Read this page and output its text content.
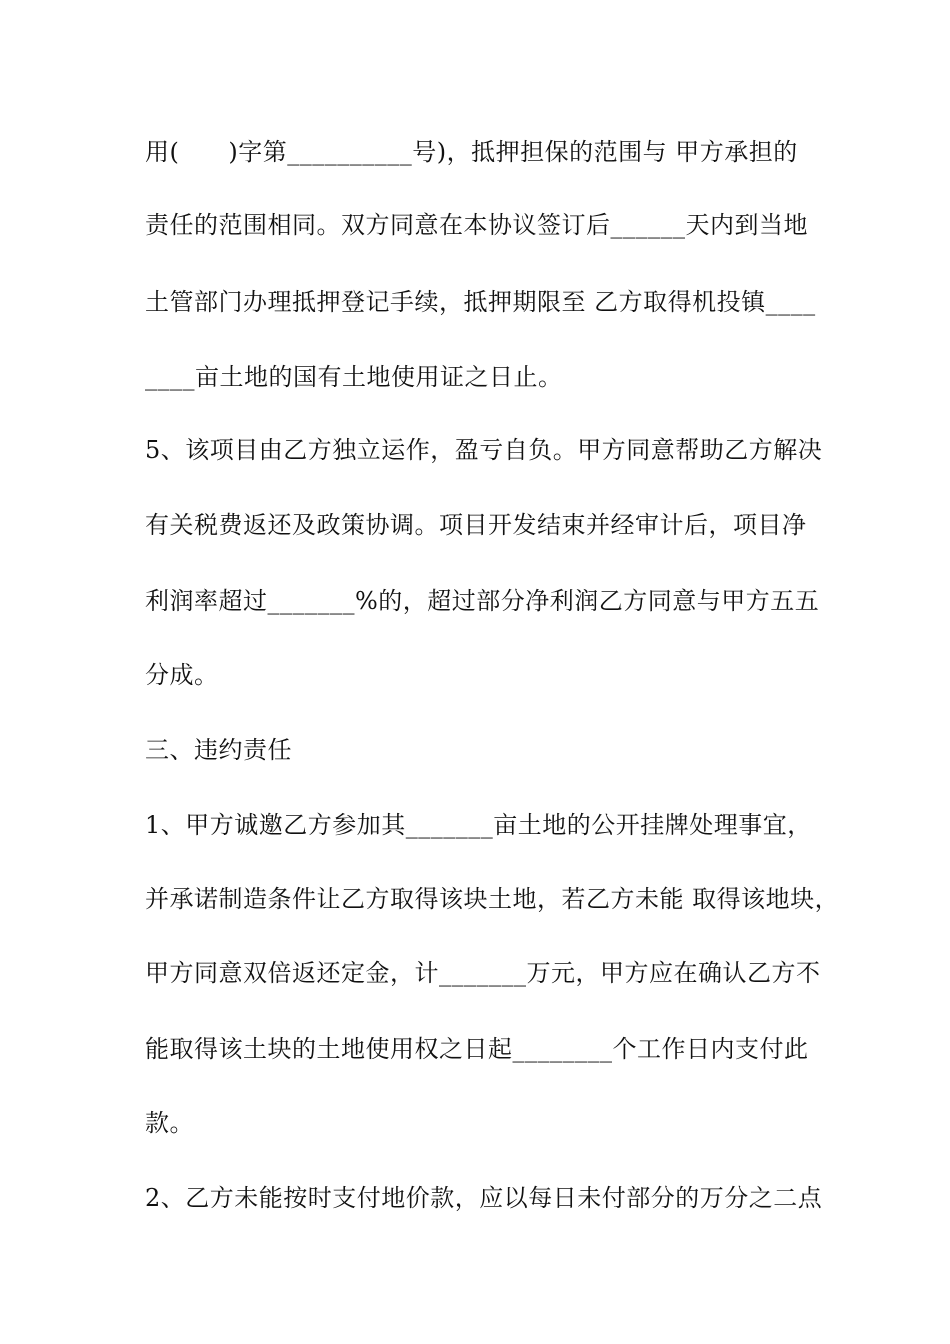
用(　　)字第__________号)，抵押担保的范围与 甲方承担的
责任的范围相同。双方同意在本协议签订后______天内到当地
土管部门办理抵押登记手续，抵押期限至 乙方取得机投镇____
____亩土地的国有土地使用证之日止。
5、该项目由乙方独立运作，盈亏自负。甲方同意帮助乙方解决
有关税费返还及政策协调。项目开发结束并经审计后，项目净
利润率超过_______%的，超过部分净利润乙方同意与甲方五五
分成。
三、违约责任
1、甲方诚邀乙方参加其_______亩土地的公开挂牌处理事宜，
并承诺制造条件让乙方取得该块土地，若乙方未能 取得该地块，
甲方同意双倍返还定金，计_______万元，甲方应在确认乙方不
能取得该土块的土地使用权之日起________个工作日内支付此
款。
2、乙方未能按时支付地价款，应以每日未付部分的万分之二点
